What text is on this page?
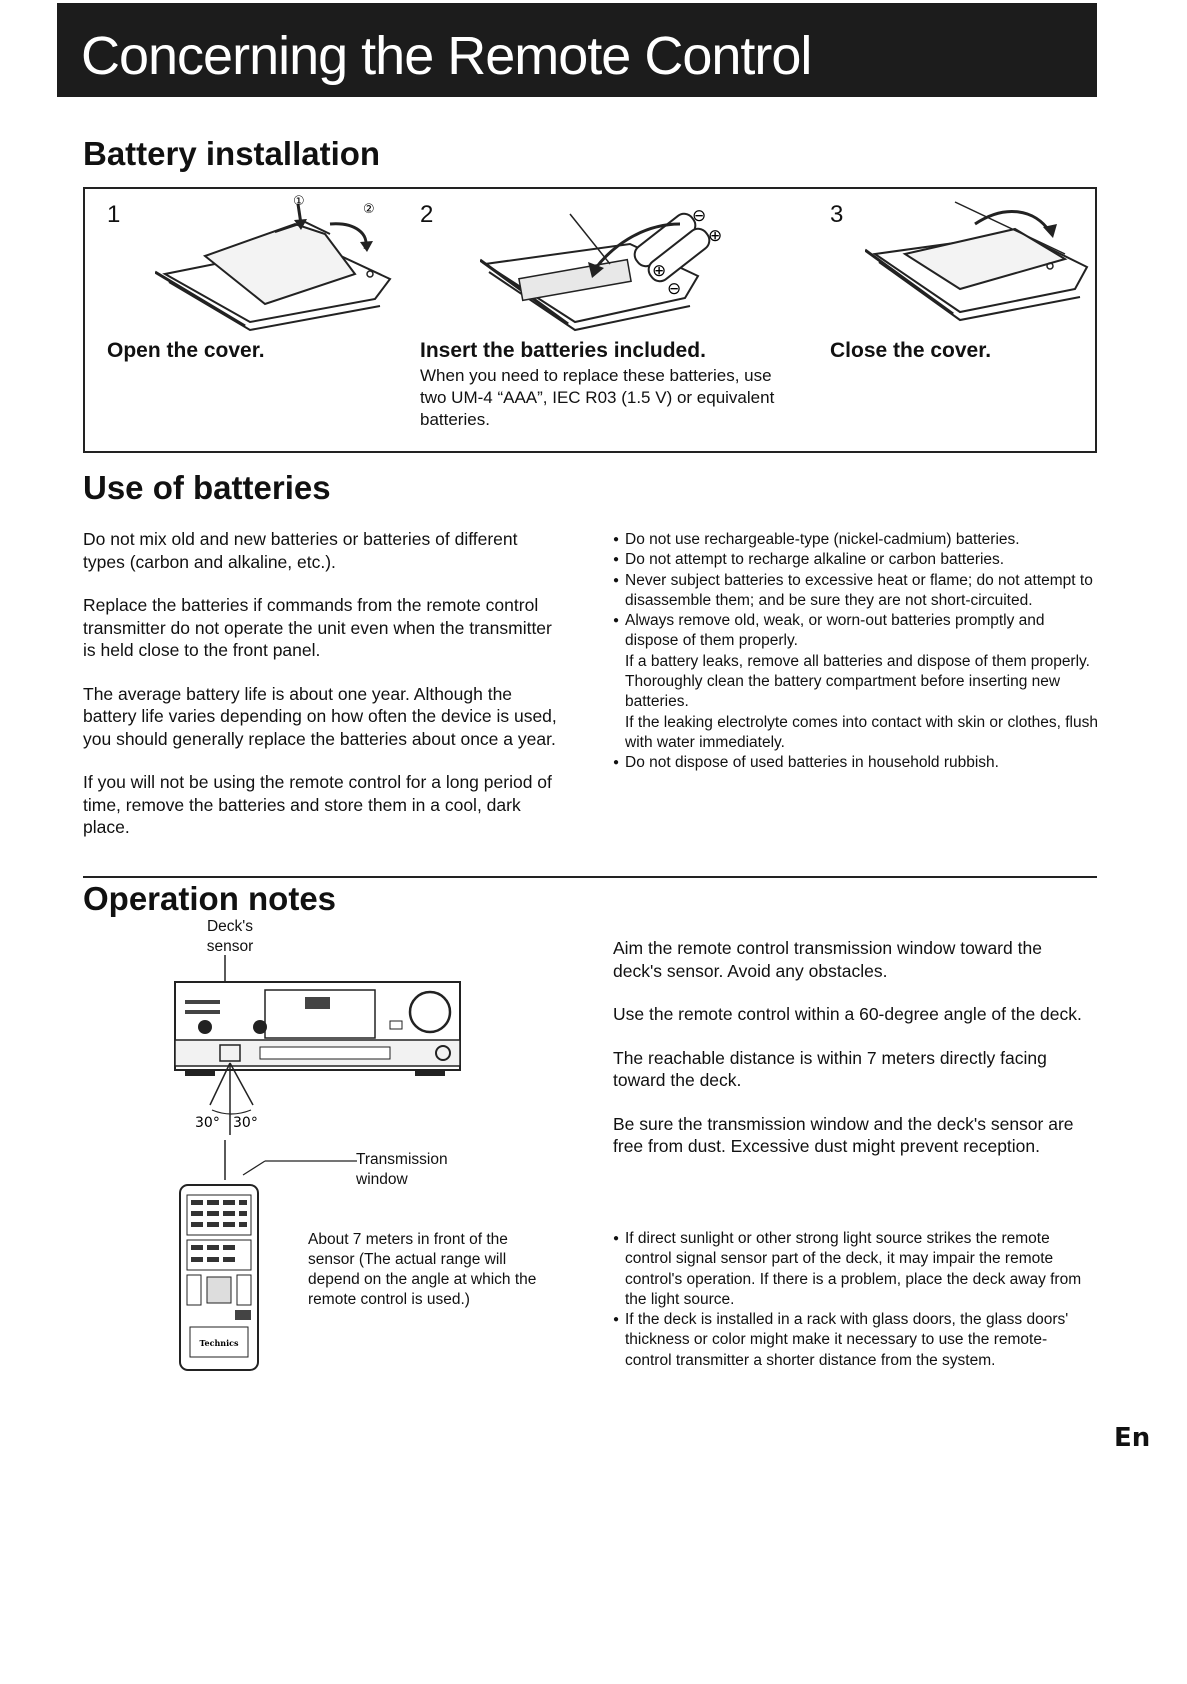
Concerning the Remote Control
Battery installation
1	①
②
Open the cover.
2	⊖
⊕
⊕
⊖
Insert the batteries included.
When you need to replace these batteries, use two UM-4 “AAA”, IEC R03 (1.5 V) or equivalent batteries.
3
Close the cover.
Use of batteries

Do not mix old and new batteries or batteries of different types (carbon and alkaline, etc.).

Replace the batteries if commands from the remote control transmitter do not operate the unit even when the transmitter is held close to the front panel.

The average battery life is about one year. Although the battery life varies depending on how often the device is used, you should generally replace the batteries about once a year.

If you will not be using the remote control for a long period of time, remove the batteries and store them in a cool, dark place.

● Do not use rechargeable-type (nickel-cadmium) batteries.
● Do not attempt to recharge alkaline or carbon batteries.
● Never subject batteries to excessive heat or flame; do not attempt to disassemble them; and be sure they are not short-circuited.
● Always remove old, weak, or worn-out batteries promptly and dispose of them properly.
If a battery leaks, remove all batteries and dispose of them properly. Thoroughly clean the battery compartment before inserting new batteries.
If the leaking electrolyte comes into contact with skin or clothes, flush with water immediately.
● Do not dispose of used batteries in household rubbish.
Operation notes
Deck's sensor
30° 30°
Technics
Transmission window
About 7 meters in front of the sensor (The actual range will depend on the angle at which the remote control is used.)

Aim the remote control transmission window toward the deck's sensor. Avoid any obstacles.

Use the remote control within a 60-degree angle of the deck.

The reachable distance is within 7 meters directly facing toward the deck.

Be sure the transmission window and the deck's sensor are free from dust. Excessive dust might prevent reception.

● If direct sunlight or other strong light source strikes the remote control signal sensor part of the deck, it may impair the remote control's operation. If there is a problem, place the deck away from the light source.
● If the deck is installed in a rack with glass doors, the glass doors' thickness or color might make it necessary to use the remote-control transmitter a shorter distance from the system.
En
